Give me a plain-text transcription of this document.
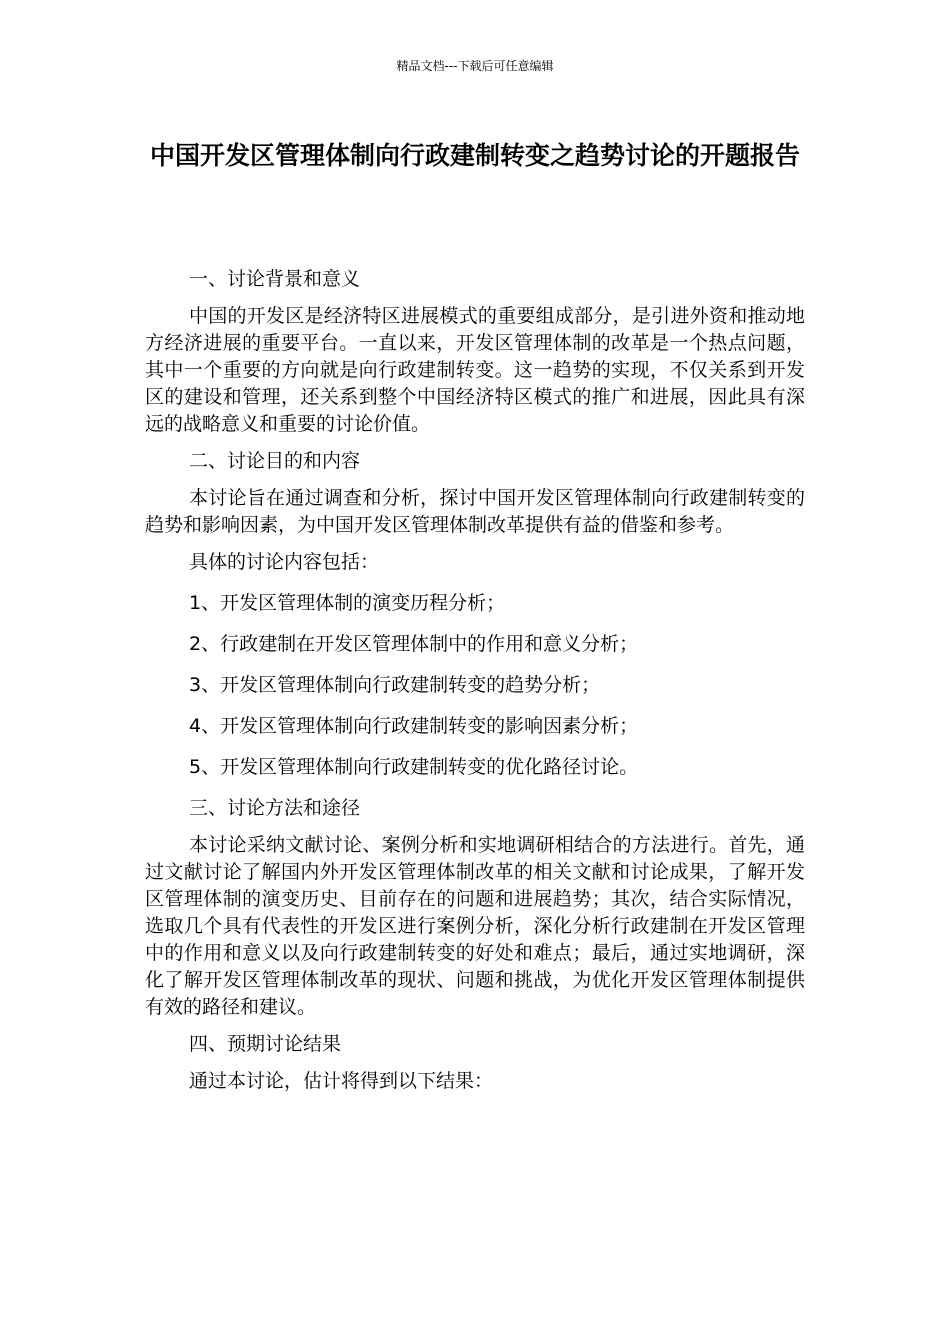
精品文档---下载后可任意编辑
中国开发区管理体制向行政建制转变之趋势讨论的开题报告

一、讨论背景和意义

中国的开发区是经济特区进展模式的重要组成部分，是引进外资和推动地方经济进展的重要平台。一直以来，开发区管理体制的改革是一个热点问题，其中一个重要的方向就是向行政建制转变。这一趋势的实现，不仅关系到开发区的建设和管理，还关系到整个中国经济特区模式的推广和进展，因此具有深远的战略意义和重要的讨论价值。

二、讨论目的和内容

本讨论旨在通过调查和分析，探讨中国开发区管理体制向行政建制转变的趋势和影响因素，为中国开发区管理体制改革提供有益的借鉴和参考。

具体的讨论内容包括：

1、开发区管理体制的演变历程分析；

2、行政建制在开发区管理体制中的作用和意义分析；

3、开发区管理体制向行政建制转变的趋势分析；

4、开发区管理体制向行政建制转变的影响因素分析；

5、开发区管理体制向行政建制转变的优化路径讨论。

三、讨论方法和途径

本讨论采纳文献讨论、案例分析和实地调研相结合的方法进行。首先，通过文献讨论了解国内外开发区管理体制改革的相关文献和讨论成果，了解开发区管理体制的演变历史、目前存在的问题和进展趋势；其次，结合实际情况，选取几个具有代表性的开发区进行案例分析，深化分析行政建制在开发区管理中的作用和意义以及向行政建制转变的好处和难点；最后，通过实地调研，深化了解开发区管理体制改革的现状、问题和挑战，为优化开发区管理体制提供有效的路径和建议。

四、预期讨论结果

通过本讨论，估计将得到以下结果：
